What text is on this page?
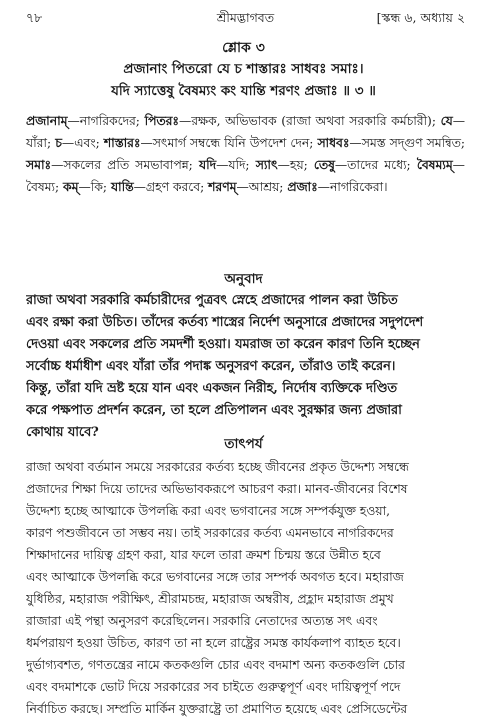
৭৮	শ্রীমদ্ভাগবত	[স্কন্ধ ৬, অধ্যায় ২
শ্লোক ৩
প্রজানাং পিতরো যে চ শাস্তারঃ সাধবঃ সমাঃ।
যদি স্যাত্তেষু বৈষম্যং কং যান্তি শরণং প্রজাঃ ॥ ৩ ॥
প্রজানাম্—নাগরিকদের; পিতরঃ—রক্ষক, অভিভাবক (রাজা অথবা সরকারি কর্মচারী); যে—যাঁরা; চ—এবং; শাস্তারঃ—সৎমার্গ সম্বন্ধে যিনি উপদেশ দেন; সাধবঃ—সমস্ত সদ্গুণ সমন্বিত; সমাঃ—সকলের প্রতি সমভাবাপন্ন; যদি—যদি; স্যাৎ—হয়; তেষু—তাদের মধ্যে; বৈষম্যম্—বৈষম্য; কম্—কি; যান্তি—গ্রহণ করবে; শরণম্—আশ্রয়; প্রজাঃ—নাগরিকেরা।
অনুবাদ
রাজা অথবা সরকারি কর্মচারীদের পুত্রবৎ স্নেহে প্রজাদের পালন করা উচিত
এবং রক্ষা করা উচিত। তাঁদের কর্তব্য শাস্ত্রের নির্দেশ অনুসারে প্রজাদের সদুপদেশ
দেওয়া এবং সকলের প্রতি সমদর্শী হওয়া। যমরাজ তা করেন কারণ তিনি হচ্ছেন
সর্বোচ্চ ধর্মাধীশ এবং যাঁরা তাঁর পদাঙ্ক অনুসরণ করেন, তাঁরাও তাই করেন।
কিন্তু, তাঁরা যদি ভ্রষ্ট হয়ে যান এবং একজন নিরীহ, নির্দোষ ব্যক্তিকে দণ্ডিত
করে পক্ষপাত প্রদর্শন করেন, তা হলে প্রতিপালন এবং সুরক্ষার জন্য প্রজারা
কোথায় যাবে?
তাৎপর্য
রাজা অথবা বর্তমান সময়ে সরকারের কর্তব্য হচ্ছে জীবনের প্রকৃত উদ্দেশ্য সম্বন্ধে
প্রজাদের শিক্ষা দিয়ে তাদের অভিভাবকরূপে আচরণ করা। মানব-জীবনের বিশেষ
উদ্দেশ্য হচ্ছে আত্মাকে উপলব্ধি করা এবং ভগবানের সঙ্গে সম্পর্কযুক্ত হওয়া,
কারণ পশুজীবনে তা সম্ভব নয়। তাই সরকারের কর্তব্য এমনভাবে নাগরিকদের
শিক্ষাদানের দায়িত্ব গ্রহণ করা, যার ফলে তারা ক্রমশ চিন্ময় স্তরে উন্নীত হবে
এবং আত্মাকে উপলব্ধি করে ভগবানের সঙ্গে তার সম্পর্ক অবগত হবে। মহারাজ
যুধিষ্ঠির, মহারাজ পরীক্ষিৎ, শ্রীরামচন্দ্র, মহারাজ অম্বরীষ, প্রহ্লাদ মহারাজ প্রমুখ
রাজারা এই পন্থা অনুসরণ করেছিলেন। সরকারি নেতাদের অত্যন্ত সৎ এবং
ধর্মপরায়ণ হওয়া উচিত, কারণ তা না হলে রাষ্ট্রের সমস্ত কার্যকলাপ ব্যাহত হবে।
দুর্ভাগ্যবশত, গণতন্ত্রের নামে কতকগুলি চোর এবং বদমাশ অন্য কতকগুলি চোর
এবং বদমাশকে ভোট দিয়ে সরকারের সব চাইতে গুরুত্বপূর্ণ এবং দায়িত্বপূর্ণ পদে
নির্বাচিত করছে। সম্প্রতি মার্কিন যুক্তরাষ্ট্রে তা প্রমাণিত হয়েছে এবং প্রেসিডেন্টের
